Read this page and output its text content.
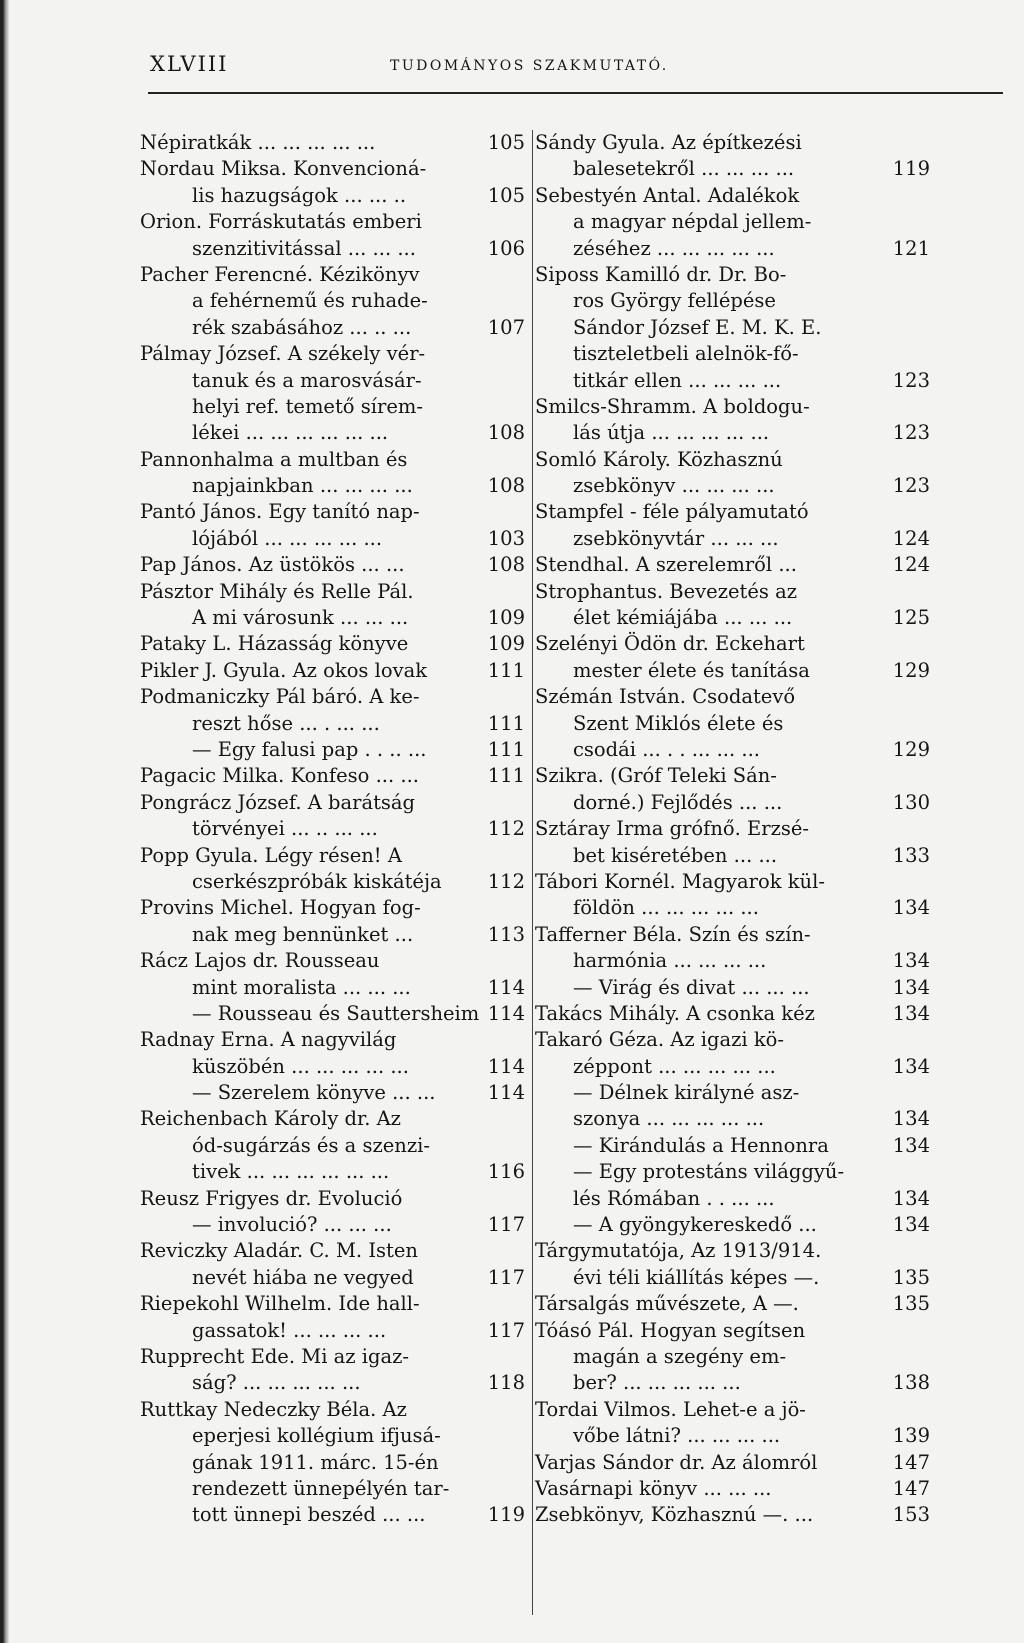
XLVIII	TUDOMÁNYOS SZAKMUTATÓ.
Népiratkák ... ... ... ... ...	105
Nordau Miksa. Konvencioná-
lis hazugságok ... ... ..	105
Orion. Forráskutatás emberi
szenzitivitással ... ... ...	106
Pacher Ferencné. Kézikönyv
a fehérnemű és ruhade-
rék szabásához ... .. ...	107
Pálmay József. A székely vér-
tanuk és a marosvásár-
helyi ref. temető sírem-
lékei ... ... ... ... ... ...	108
Pannonhalma a multban és
napjainkban ... ... ... ...	108
Pantó János. Egy tanító nap-
lójából ... ... ... ... ...	103
Pap János. Az üstökös ... ...	108
Pásztor Mihály és Relle Pál.
A mi városunk ... ... ...	109
Pataky L. Házasság könyve	109
Pikler J. Gyula. Az okos lovak	111
Podmaniczky Pál báró. A ke-
reszt hőse ... . ... ...	111
— Egy falusi pap . . .. ...	111
Pagacic Milka. Konfeso ... ...	111
Pongrácz József. A barátság
törvényei ... .. ... ...	112
Popp Gyula. Légy résen! A
cserkészpróbák kiskátéja 112
Provins Michel. Hogyan fog-
nak meg bennünket ...	113
Rácz Lajos dr. Rousseau
mint moralista ... ... ...	114
— Rousseau és Sauttersheim 114
Radnay Erna. A nagyvilág
küszöbén ... ... ... ... ...	114
— Szerelem könyve ... ...	114
Reichenbach Károly dr. Az
ód-sugárzás és a szenzi-
tivek ... ... ... ... ... ...	116
Reusz Frigyes dr. Evolució
— involució? ... ... ...	117
Reviczky Aladár. C. M. Isten
nevét hiába ne vegyed	117
Riepekohl Wilhelm. Ide hall-
gassatok! ... ... ... ...	117
Rupprecht Ede. Mi az igaz-
ság? ... ... ... ... ...	118
Ruttkay Nedeczky Béla. Az
eperjesi kollégium ifjusá-
gának 1911. márc. 15-én
rendezett ünnepélyén tar-
tott ünnepi beszéd ... ...	119
Sándy Gyula. Az építkezési
balesetekről ... ... ... ...	119
Sebestyén Antal. Adalékok
a magyar népdal jellem-
zéséhez ... ... ... ... ...	121
Siposs Kamilló dr. Dr. Bo-
ros György fellépése
Sándor József E. M. K. E.
tiszteletbeli alelnök-fő-
titkár ellen ... ... ... ...	123
Smilcs-Shramm. A boldogu-
lás útja ... ... ... ... ...	123
Somló Károly. Közhasznú
zsebkönyv ... ... ... ...	123
Stampfel - féle pályamutató
zsebkönyvtár ... ... ...	124
Stendhal. A szerelemről ...	124
Strophantus. Bevezetés az
élet kémiájába ... ... ...	125
Szelényi Ödön dr. Eckehart
mester élete és tanítása	129
Szémán István. Csodatevő
Szent Miklós élete és
csodái ... . . ... ... ...	129
Szikra. (Gróf Teleki Sán-
dorné.) Fejlődés ... ...	130
Sztáray Irma grófnő. Erzsé-
bet kiséretében ... ...	133
Tábori Kornél. Magyarok kül-
földön ... ... ... ... ...	134
Tafferner Béla. Szín és szín-
harmónia ... ... ... ...	134
— Virág és divat ... ... ...	134
Takács Mihály. A csonka kéz	134
Takaró Géza. Az igazi kö-
zéppont ... ... ... ... ...	134
— Délnek királyné asz-
szonya ... ... ... ... ...	134
— Kirándulás a Hennonra	134
— Egy protestáns világgyű-
lés Rómában . . ... ...	134
— A gyöngykereskedő ...	134
Tárgymutatója, Az 1913/914.
évi téli kiállítás képes —.	135
Társalgás művészete, A —.	135
Tóásó Pál. Hogyan segítsen
magán a szegény em-
ber? ... ... ... ... ...	138
Tordai Vilmos. Lehet-e a jö-
vőbe látni? ... ... ... ...	139
Varjas Sándor dr. Az álomról	147
Vasárnapi könyv ... ... ...	147
Zsebkönyv, Közhasznú —. ...	153
